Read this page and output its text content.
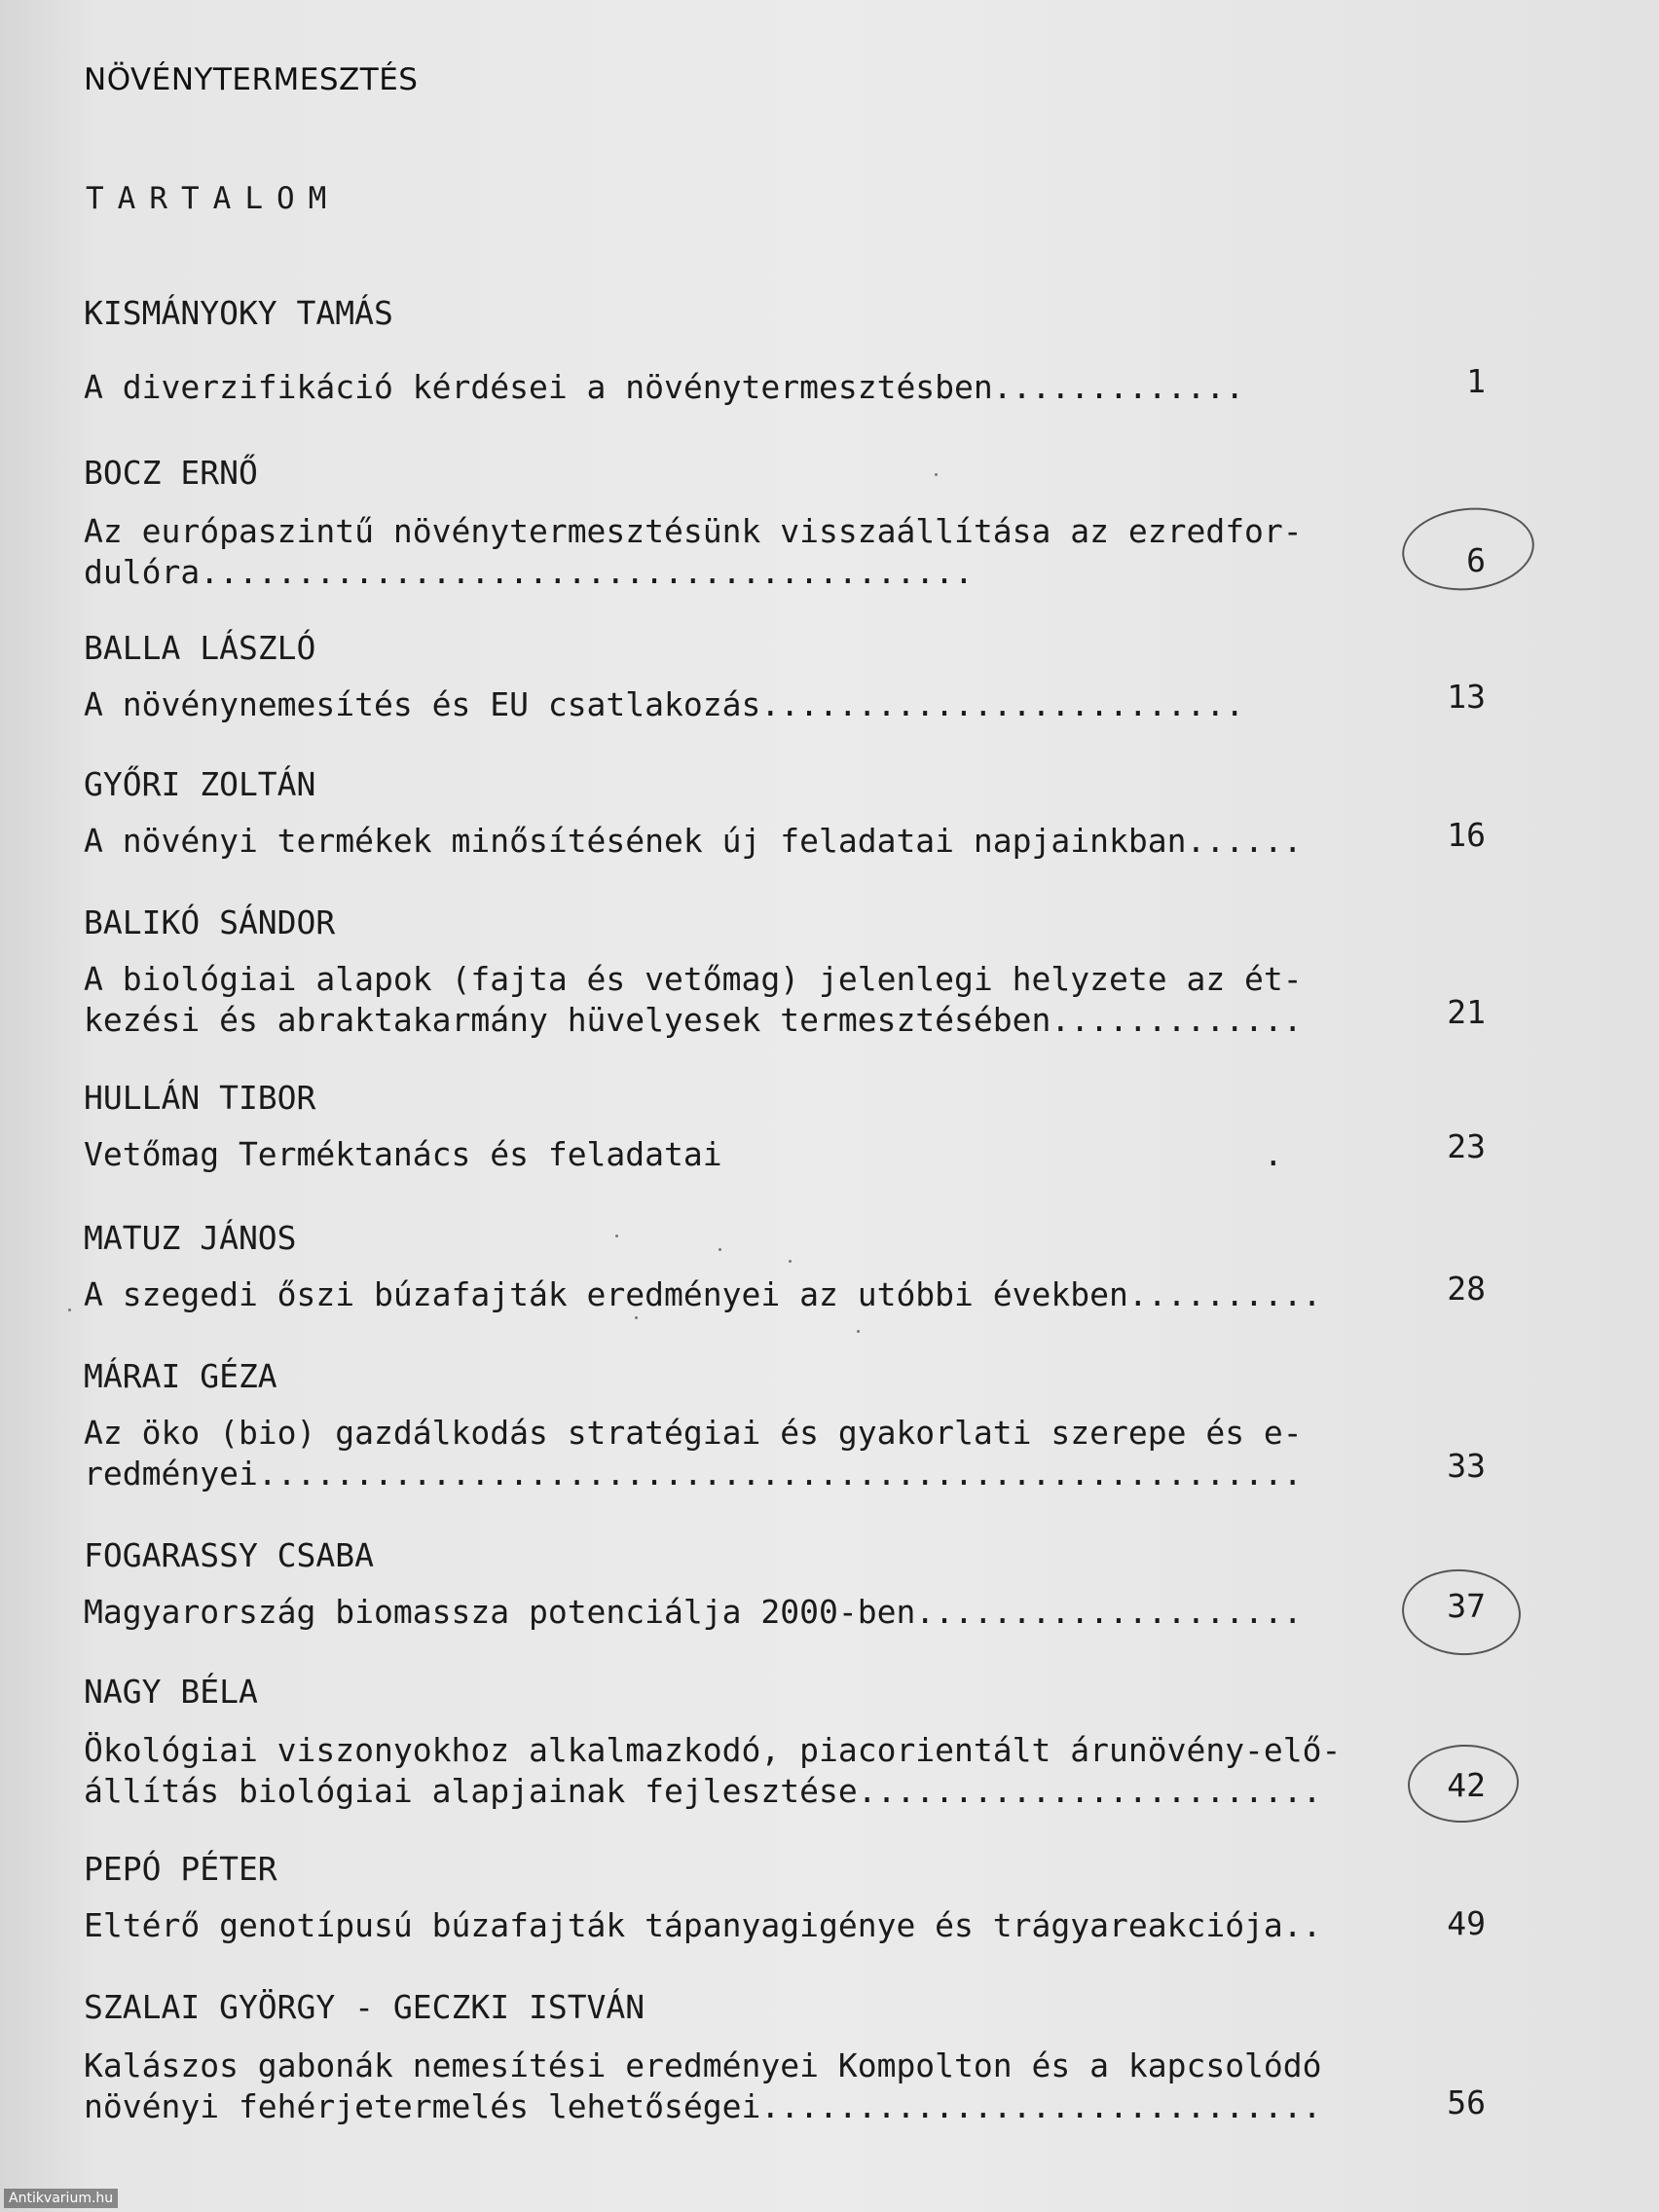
NÖVÉNYTERMESZTÉS
TARTALOM
KISMÁNYOKY TAMÁS
A diverzifikáció kérdései a növénytermesztésben.............	1
BOCZ ERNŐ
Az európaszintű növénytermesztésünk visszaállítása az ezredfor-
dulóra........................................	6
BALLA LÁSZLÓ
A növénynemesítés és EU csatlakozás.........................	13
GYŐRI ZOLTÁN
A növényi termékek minősítésének új feladatai napjainkban......	16
BALIKÓ SÁNDOR
A biológiai alapok (fajta és vetőmag) jelenlegi helyzete az ét-
kezési és abraktakarmány hüvelyesek termesztésében.............	21
HULLÁN TIBOR
Vetőmag Terméktanács és feladatai                            .	23
MATUZ JÁNOS
A szegedi őszi búzafajták eredményei az utóbbi években..........	28
MÁRAI GÉZA
Az öko (bio) gazdálkodás stratégiai és gyakorlati szerepe és e-
redményei......................................................	33
FOGARASSY CSABA
Magyarország biomassza potenciálja 2000-ben....................	37
NAGY BÉLA
Ökológiai viszonyokhoz alkalmazkodó, piacorientált árunövény-elő-
állítás biológiai alapjainak fejlesztése........................	42
PEPÓ PÉTER
Eltérő genotípusú búzafajták tápanyagigénye és trágyareakciója..	49
SZALAI GYÖRGY - GECZKI ISTVÁN
Kalászos gabonák nemesítési eredményei Kompolton és a kapcsolódó
növényi fehérjetermelés lehetőségei.............................	56
Antikvarium.hu
